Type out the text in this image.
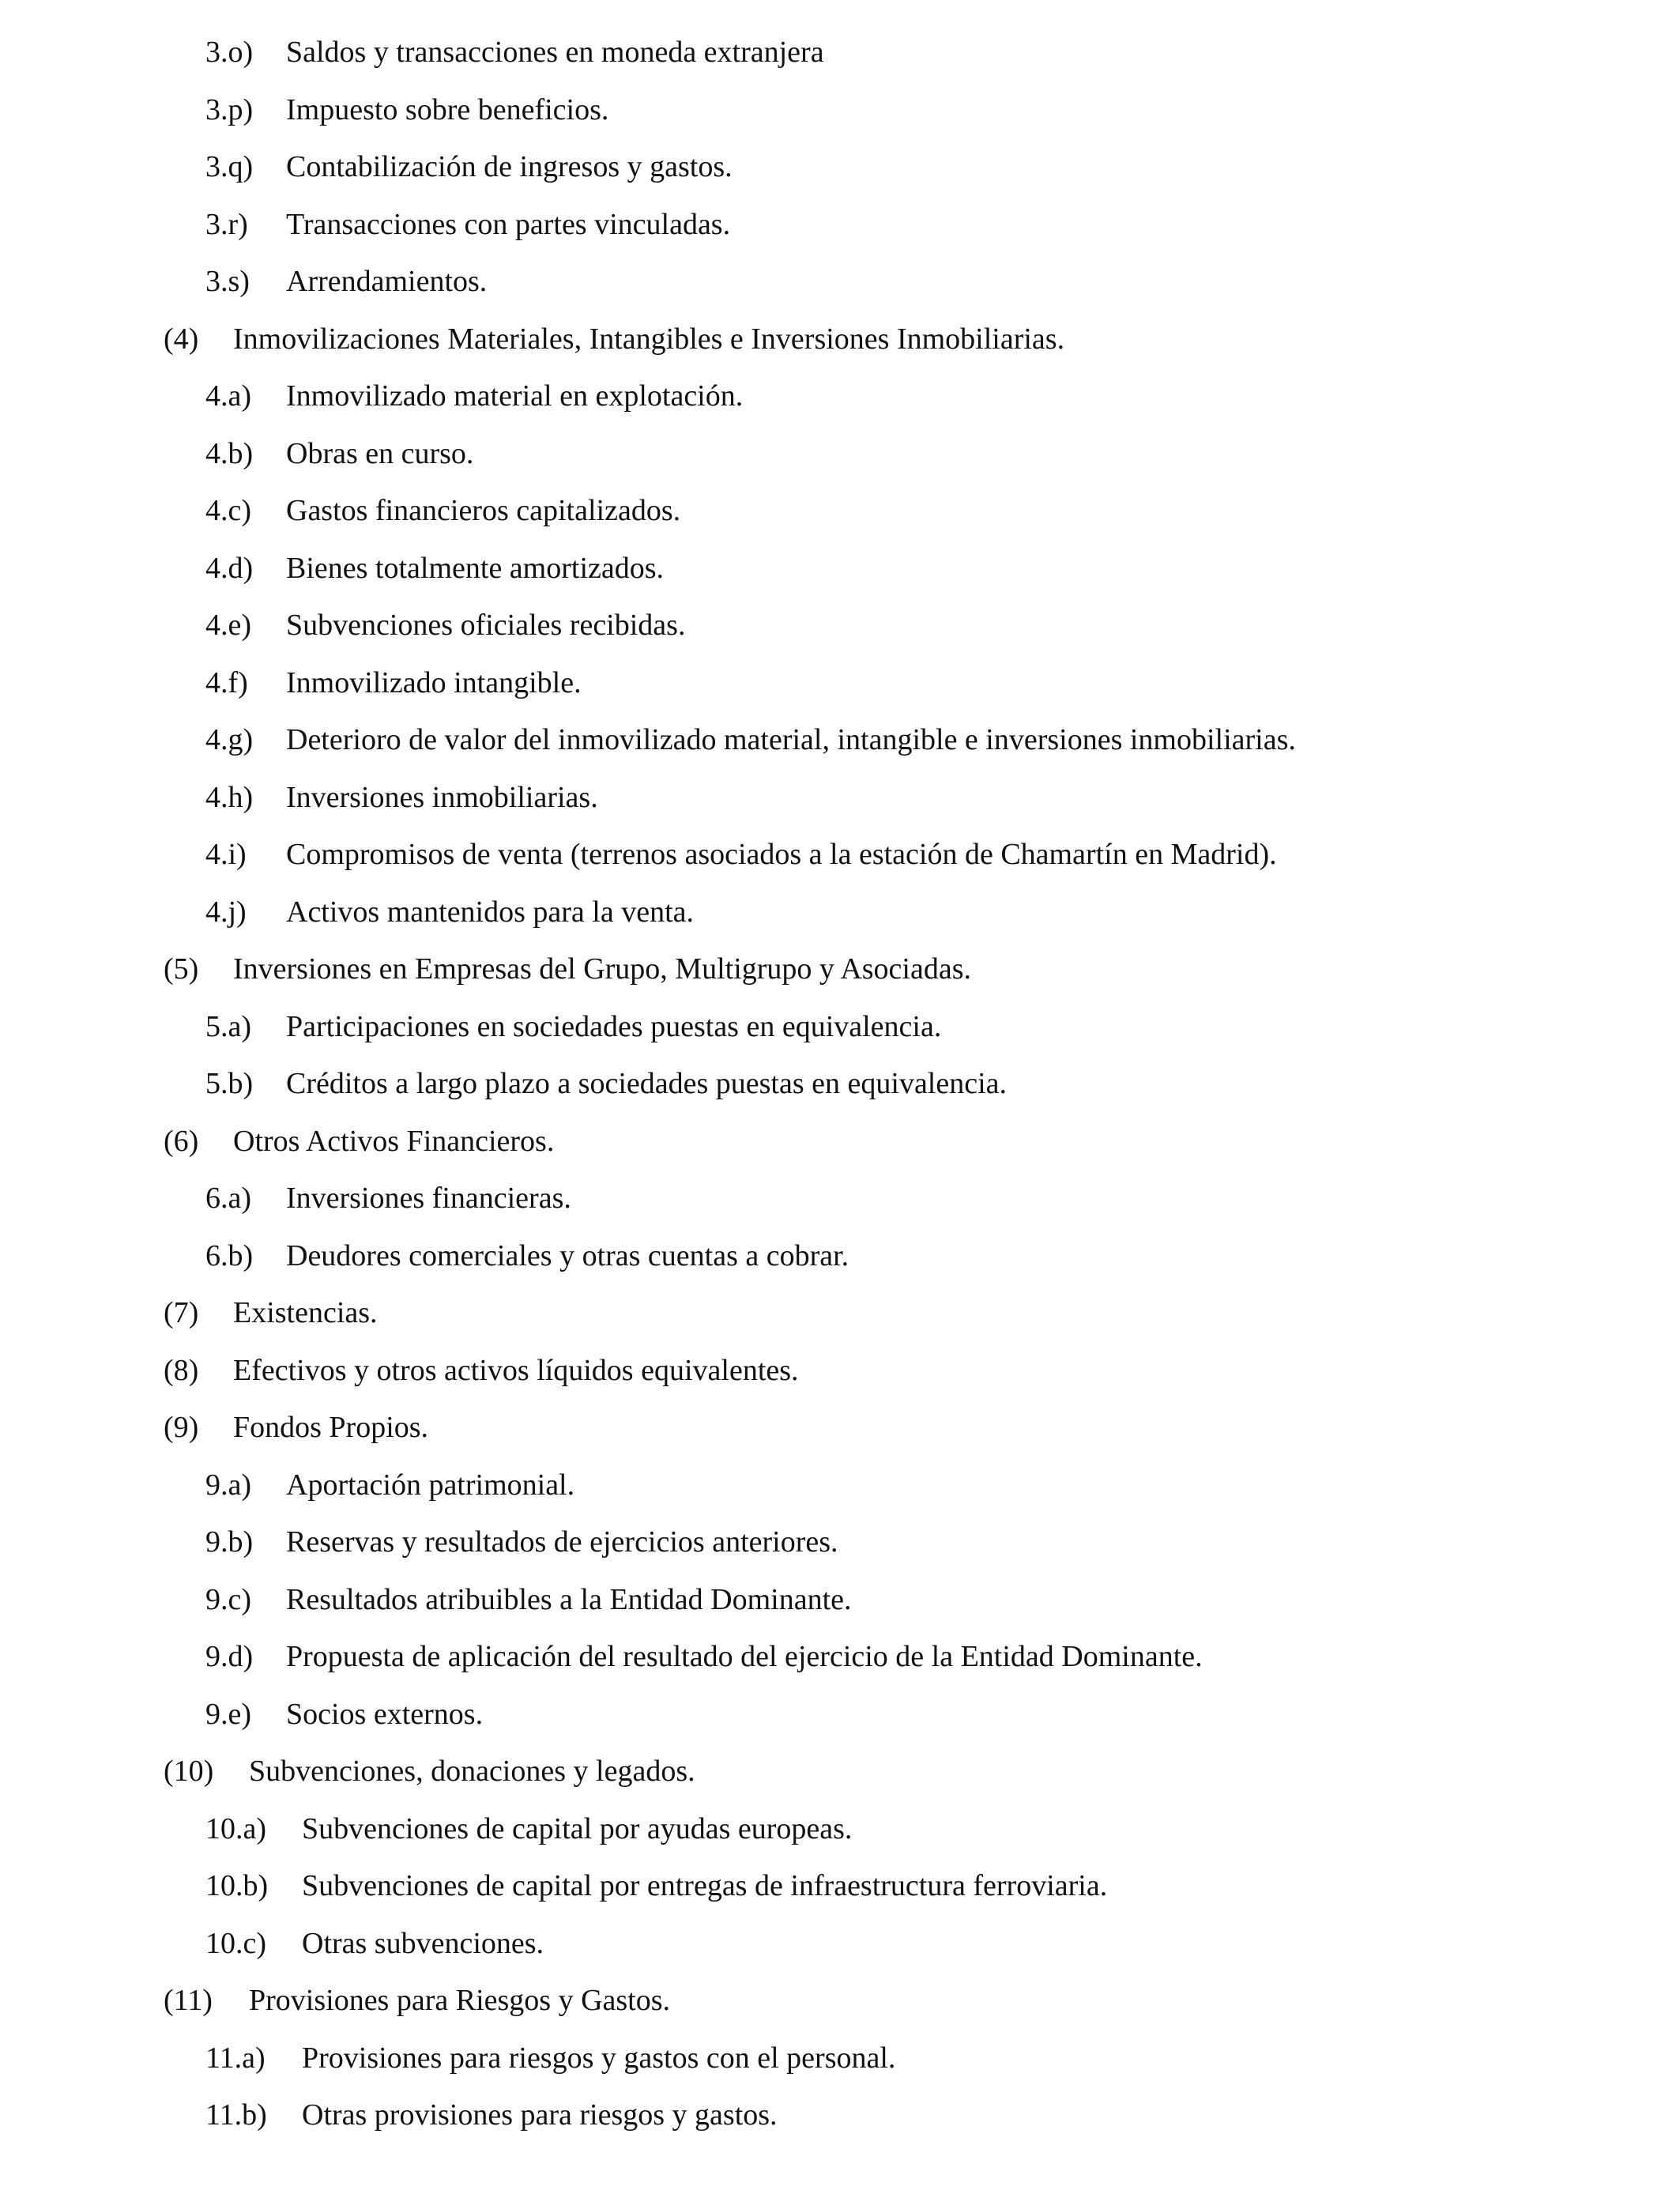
3.o)	Saldos y transacciones en moneda extranjera
3.p)	Impuesto sobre beneficios.
3.q)	Contabilización de ingresos y gastos.
3.r)	Transacciones con partes vinculadas.
3.s)	Arrendamientos.
(4)	Inmovilizaciones Materiales, Intangibles e Inversiones Inmobiliarias.
4.a)	Inmovilizado material en explotación.
4.b)	Obras en curso.
4.c)	Gastos financieros capitalizados.
4.d)	Bienes totalmente amortizados.
4.e)	Subvenciones oficiales recibidas.
4.f)	Inmovilizado intangible.
4.g)	Deterioro de valor del inmovilizado material, intangible e inversiones inmobiliarias.
4.h)	Inversiones inmobiliarias.
4.i)	Compromisos de venta (terrenos asociados a la estación de Chamartín en Madrid).
4.j)	Activos mantenidos para la venta.
(5)	Inversiones en Empresas del Grupo, Multigrupo y Asociadas.
5.a)	Participaciones en sociedades puestas en equivalencia.
5.b)	Créditos a largo plazo a sociedades puestas en equivalencia.
(6)	Otros Activos Financieros.
6.a)	Inversiones financieras.
6.b)	Deudores comerciales y otras cuentas a cobrar.
(7)	Existencias.
(8)	Efectivos y otros activos líquidos equivalentes.
(9)	Fondos Propios.
9.a)	Aportación patrimonial.
9.b)	Reservas y resultados de ejercicios anteriores.
9.c)	Resultados atribuibles a la Entidad Dominante.
9.d)	Propuesta de aplicación del resultado del ejercicio de la Entidad Dominante.
9.e)	Socios externos.
(10)	Subvenciones, donaciones y legados.
10.a)	Subvenciones de capital por ayudas europeas.
10.b)	Subvenciones de capital por entregas de infraestructura ferroviaria.
10.c)	Otras subvenciones.
(11)	Provisiones para Riesgos y Gastos.
11.a)	Provisiones para riesgos y gastos con el personal.
11.b)	Otras provisiones para riesgos y gastos.
